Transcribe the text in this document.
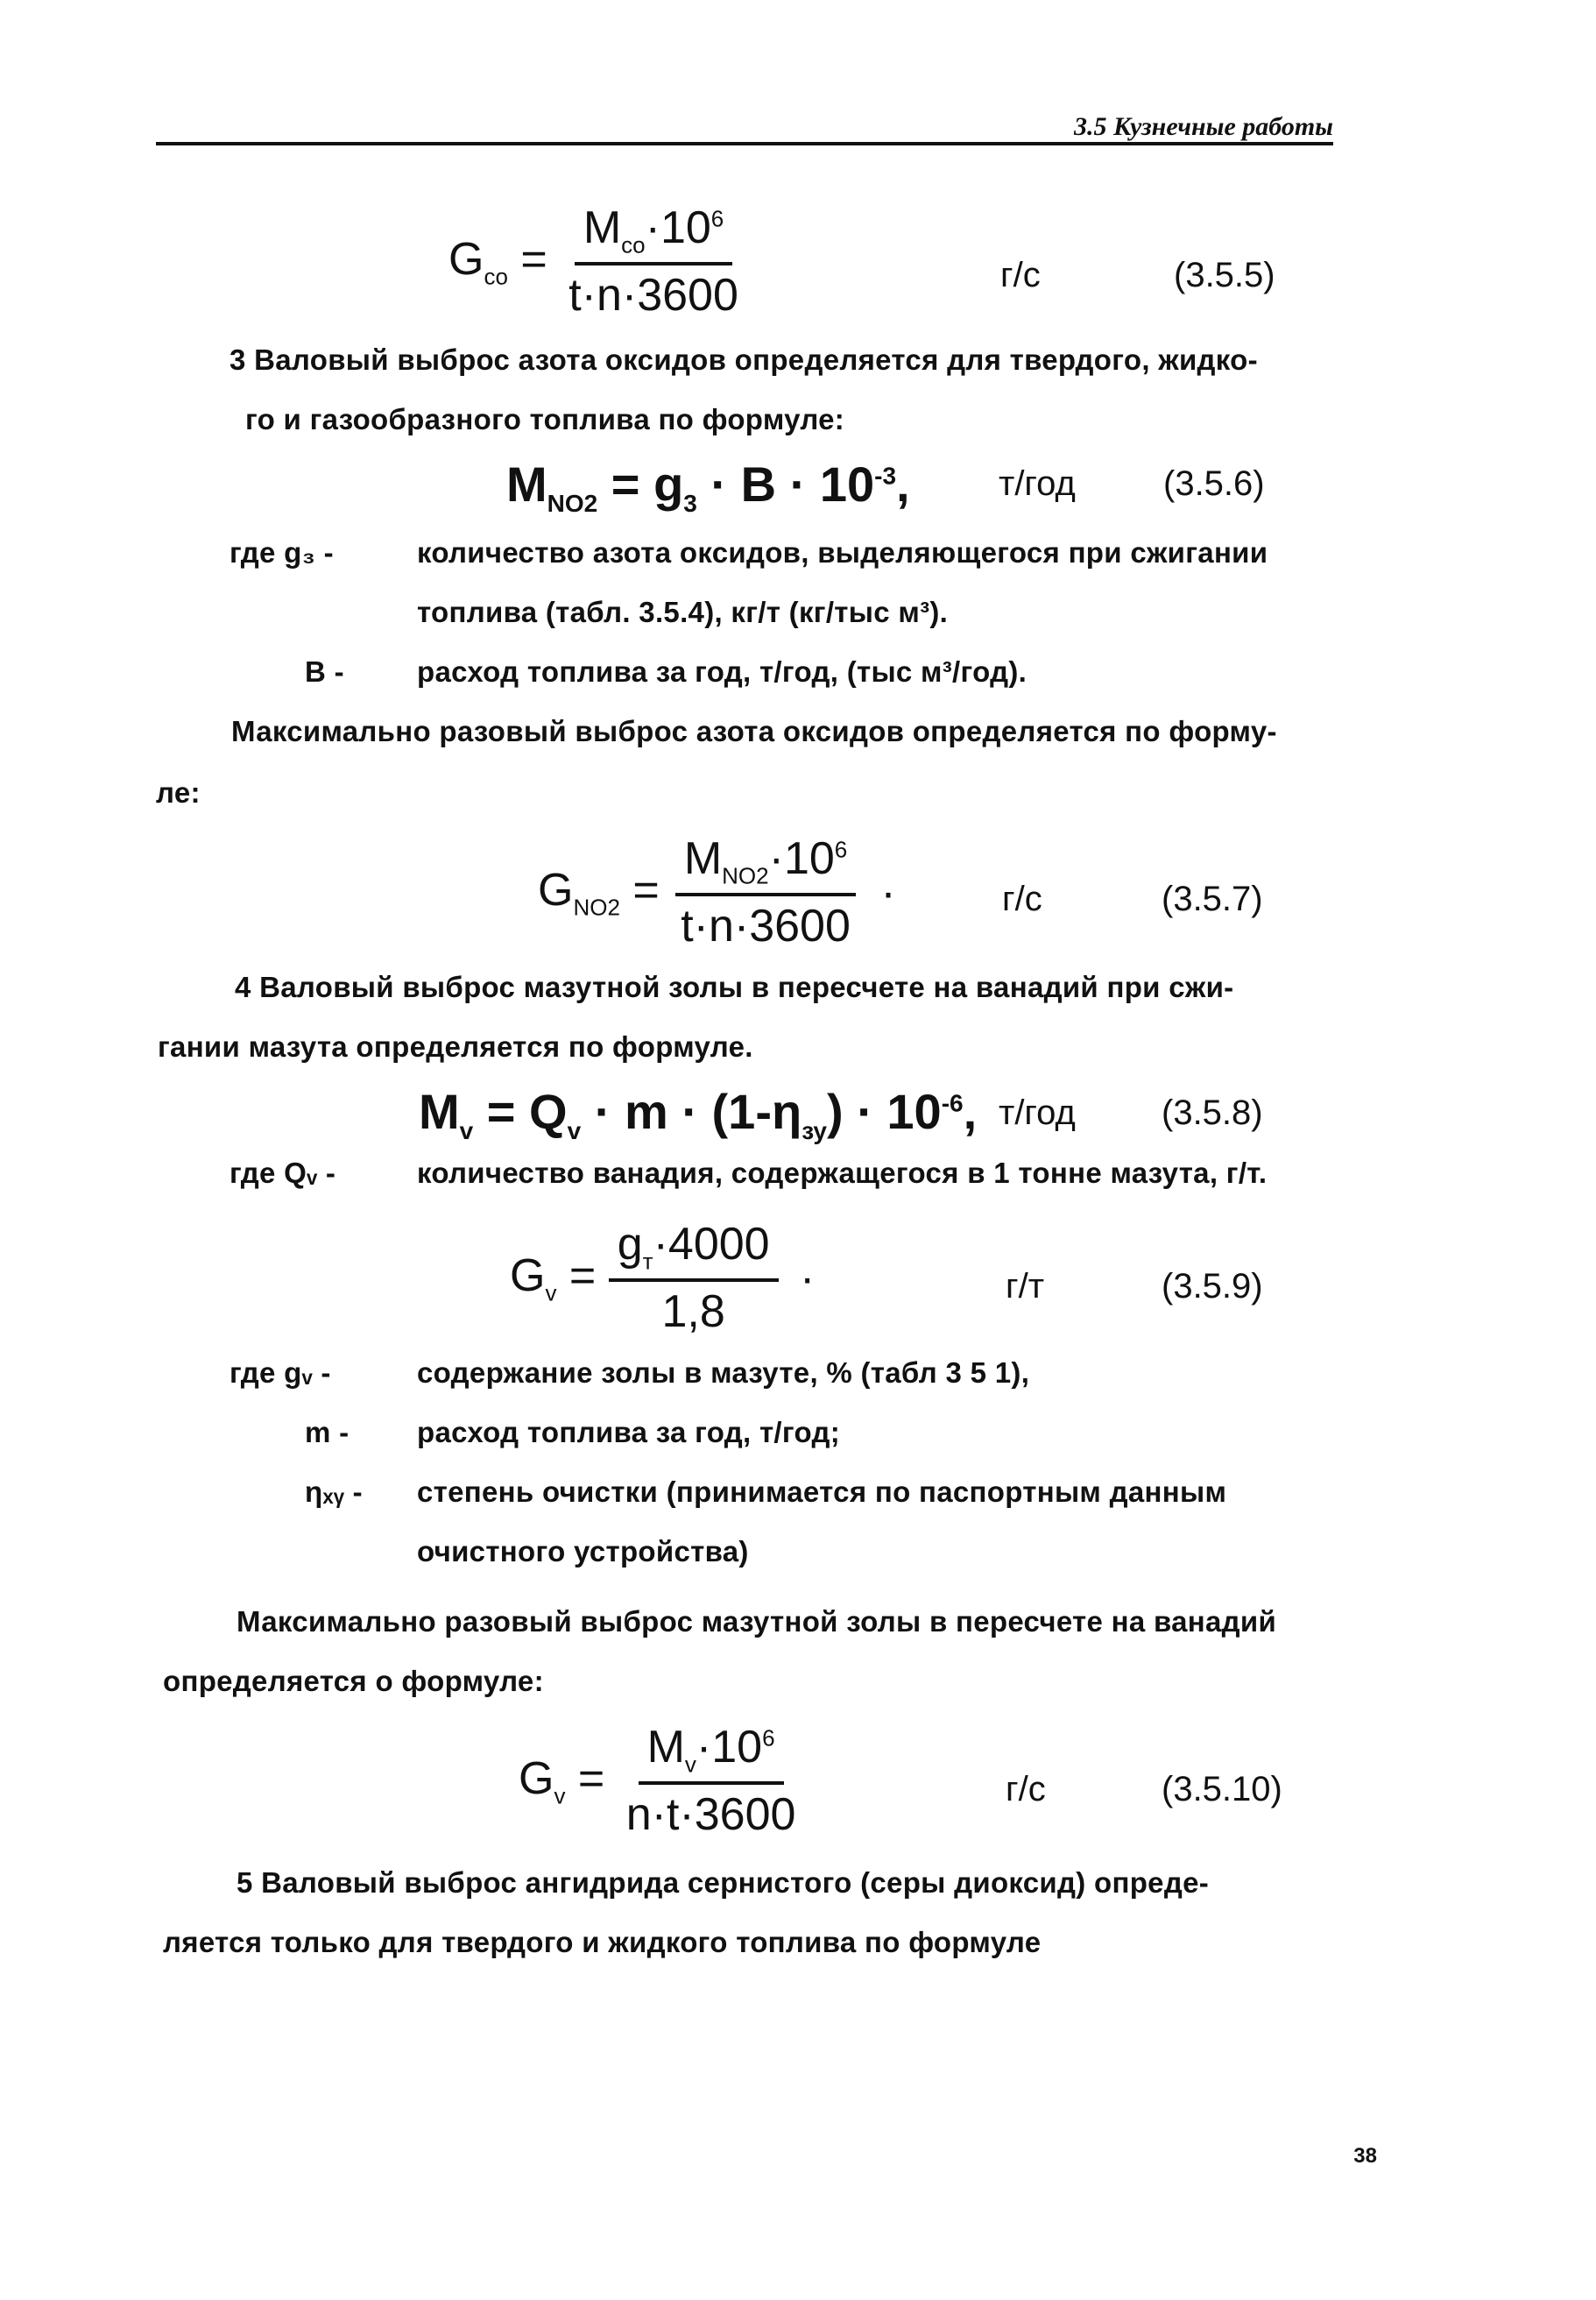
3.5 Кузнечные работы
$G_{co} = \frac{M_{co}\cdot 10^6}{t\cdot n\cdot 3600}$	г/с	(3.5.5)
3 Валовый выброс азота оксидов определяется для твердого, жидко-
го и газообразного топлива по формуле:
$M_{NO2} = g_3 \cdot B \cdot 10^{-3}$,	т/год	(3.5.6)
где g₃ -	количество азота оксидов, выделяющегося при сжигании
топлива (табл. 3.5.4), кг/т (кг/тыс м³).
B -	расход топлива за год, т/год, (тыс м³/год).
Максимально разовый выброс азота оксидов определяется по форму-
ле:
$G_{NO2} = \frac{M_{NO2}\cdot 10^6}{t\cdot n\cdot 3600}$ ·	г/с	(3.5.7)
4 Валовый выброс мазутной золы в пересчете на ванадий при сжи-
гании мазута определяется по формуле.
$M_v = Q_v \cdot m \cdot (1-\eta_{зу}) \cdot 10^{-6}$, т/год (3.5.8)
где Qᵥ -	количество ванадия, содержащегося в 1 тонне мазута, г/т.
$G_v = \frac{g_т\cdot 4000}{1,8}$ ·	г/т	(3.5.9)
где gᵥ -	содержание золы в мазуте, % (табл 3 5 1),
m - расход топлива за год, т/год;
ηₓᵧ - степень очистки (принимается по паспортным данным
очистного устройства)
Максимально разовый выброс мазутной золы в пересчете на ванадий
определяется о формуле:
$G_v = \frac{M_v\cdot 10^6}{n\cdot t\cdot 3600}$	г/с	(3.5.10)
5 Валовый выброс ангидрида сернистого (серы диоксид) опреде-
ляется только для твердого и жидкого топлива по формуле
38
